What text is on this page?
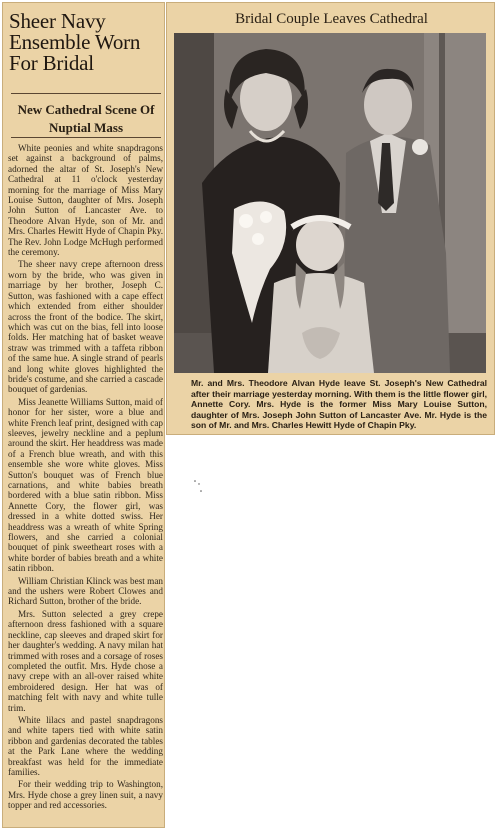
Sheer Navy Ensemble Worn For Bridal
New Cathedral Scene Of Nuptial Mass

White peonies and white snapdragons set against a background of palms, adorned the altar of St. Joseph's New Cathedral at 11 o'clock yesterday morning for the marriage of Miss Mary Louise Sutton, daughter of Mrs. Joseph John Sutton of Lancaster Ave. to Theodore Alvan Hyde, son of Mr. and Mrs. Charles Hewitt Hyde of Chapin Pky. The Rev. John Lodge McHugh performed the ceremony.

The sheer navy crepe afternoon dress worn by the bride, who was given in marriage by her brother, Joseph C. Sutton, was fashioned with a cape effect which extended from either shoulder across the front of the bodice. The skirt, which was cut on the bias, fell into loose folds. Her matching hat of basket weave straw was trimmed with a taffeta ribbon of the same hue. A single strand of pearls and long white gloves highlighted the bride's costume, and she carried a cascade bouquet of gardenias.

Miss Jeanette Williams Sutton, maid of honor for her sister, wore a blue and white French leaf print, designed with cap sleeves, jewelry neckline and a peplum around the skirt. Her headdress was made of a French blue wreath, and with this ensemble she wore white gloves. Miss Sutton's bouquet was of French blue carnations, and white babies breath bordered with a blue satin ribbon. Miss Annette Cory, the flower girl, was dressed in a white dotted swiss. Her headdress was a wreath of white Spring flowers, and she carried a colonial bouquet of pink sweetheart roses with a white border of babies breath and a white satin ribbon.

William Christian Klinck was best man and the ushers were Robert Clowes and Richard Sutton, brother of the bride.

Mrs. Sutton selected a grey crepe afternoon dress fashioned with a square neckline, cap sleeves and draped skirt for her daughter's wedding. A navy milan hat trimmed with roses and a corsage of roses completed the outfit. Mrs. Hyde chose a navy crepe with an all-over raised white embroidered design. Her hat was of matching felt with navy and white tulle trim.

White lilacs and pastel snapdragons and white tapers tied with white satin ribbon and gardenias decorated the tables at the Park Lane where the wedding breakfast was held for the immediate families.

For their wedding trip to Washington, Mrs. Hyde chose a grey linen suit, a navy topper and red accessories.

Bridal Couple Leaves Cathedral

Mr. and Mrs. Theodore Alvan Hyde leave St. Joseph's New Cathedral after their marriage yesterday morning. With them is the little flower girl, Annette Cory. Mrs. Hyde is the former Miss Mary Louise Sutton, daughter of Mrs. Joseph John Sutton of Lancaster Ave. Mr. Hyde is the son of Mr. and Mrs. Charles Hewitt Hyde of Chapin Pky.
